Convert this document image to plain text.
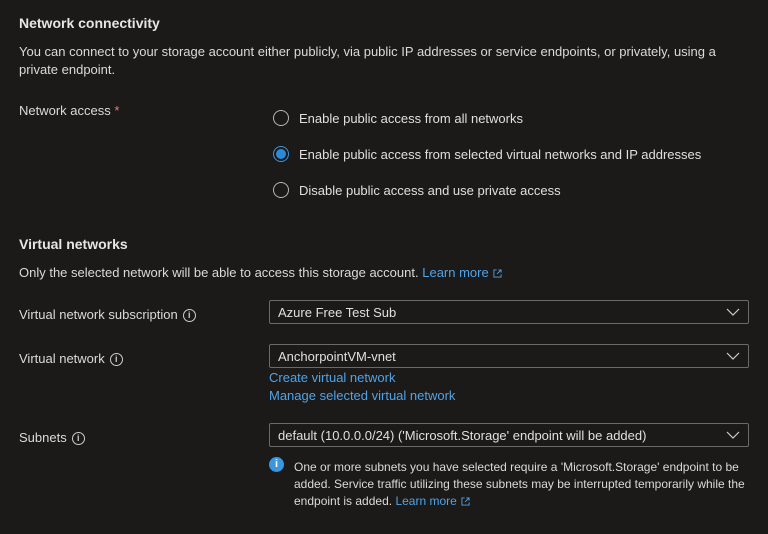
Network connectivity
You can connect to your storage account either publicly, via public IP addresses or service endpoints, or privately, using a
private endpoint.
Network access *	Enable public access from all networks
Enable public access from selected virtual networks and IP addresses
Disable public access and use private access
Virtual networks
Only the selected network will be able to access this storage account. Learn more
Virtual network subscription i	Azure Free Test Sub
Virtual network i	AnchorpointVM-vnet
Create virtual network
Manage selected virtual network
Subnets i	default (10.0.0.0/24) ('Microsoft.Storage' endpoint will be added)
i	One or more subnets you have selected require a 'Microsoft.Storage' endpoint to be
added. Service traffic utilizing these subnets may be interrupted temporarily while the
endpoint is added. Learn more
